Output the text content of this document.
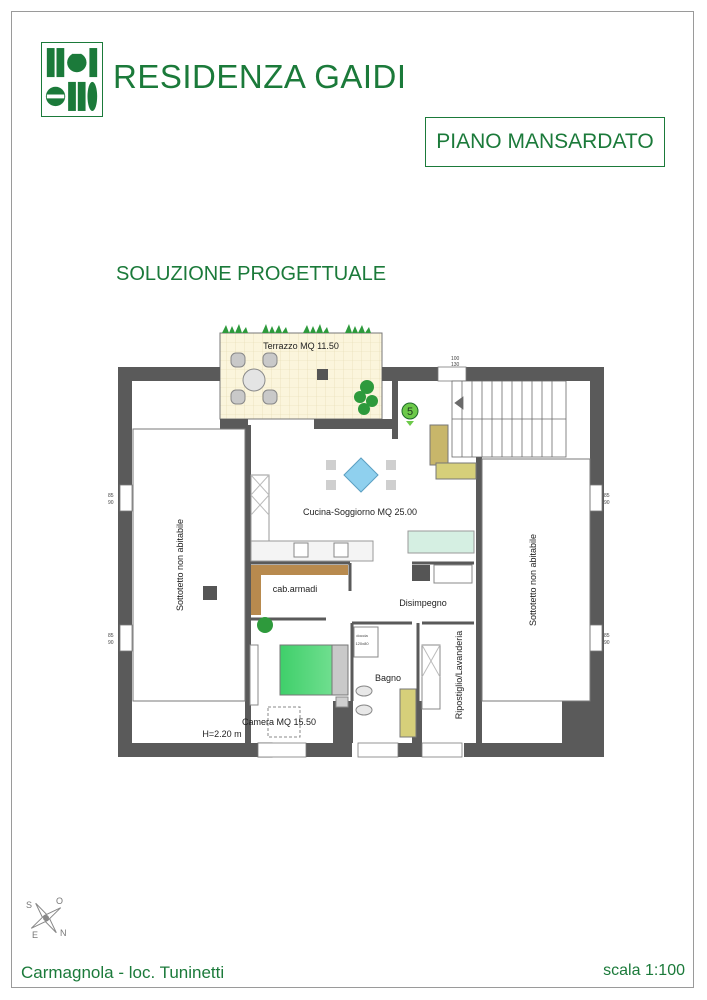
RESIDENZA GAIDI
PIANO MANSARDATO
SOLUZIONE PROGETTUALE
5
Terrazzo MQ 11.50
Cucina-Soggiorno MQ 25.00
cab.armadi
Disimpegno
Camera MQ 15.50
Bagno
H=2.20 m
doccia
120x80
Sottotetto non abitabile	Sottotetto non abitabile
Ripostiglio/Lavanderia
85
90
85
90
85
90
85
90
100
130
O
E
S
N
Carmagnola - loc. Tuninetti	scala 1:100
